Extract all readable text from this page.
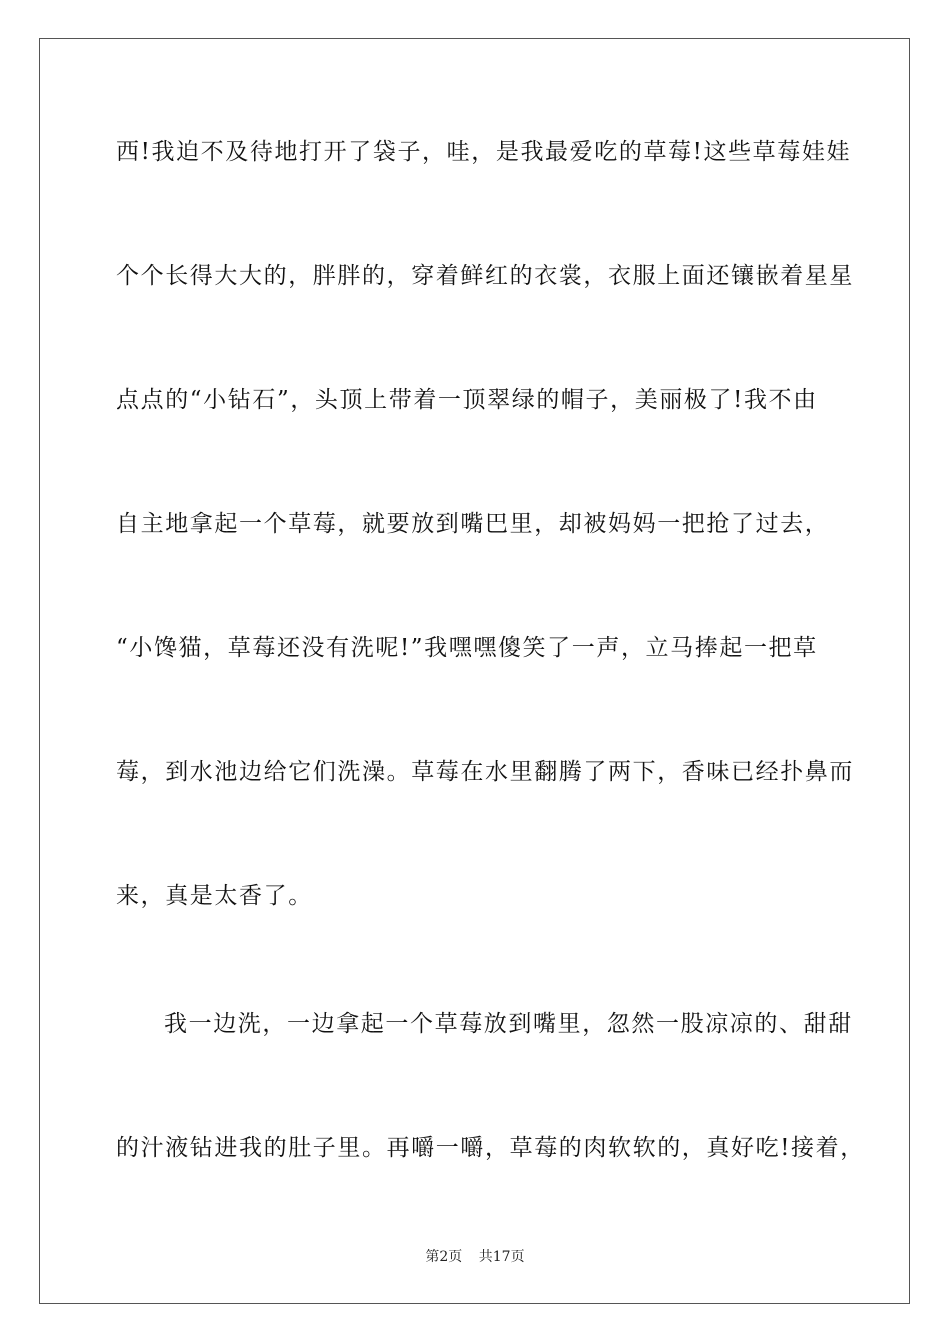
西!我迫不及待地打开了袋子，哇，是我最爱吃的草莓!这些草莓娃娃
个个长得大大的，胖胖的，穿着鲜红的衣裳，衣服上面还镶嵌着星星
点点的“小钻石”，头顶上带着一顶翠绿的帽子，美丽极了!我不由
自主地拿起一个草莓，就要放到嘴巴里，却被妈妈一把抢了过去，
“小馋猫，草莓还没有洗呢!”我嘿嘿傻笑了一声，立马捧起一把草
莓，到水池边给它们洗澡。草莓在水里翻腾了两下，香味已经扑鼻而
来，真是太香了。
我一边洗，一边拿起一个草莓放到嘴里，忽然一股凉凉的、甜甜
的汁液钻进我的肚子里。再嚼一嚼，草莓的肉软软的，真好吃!接着，
第2页 共17页
